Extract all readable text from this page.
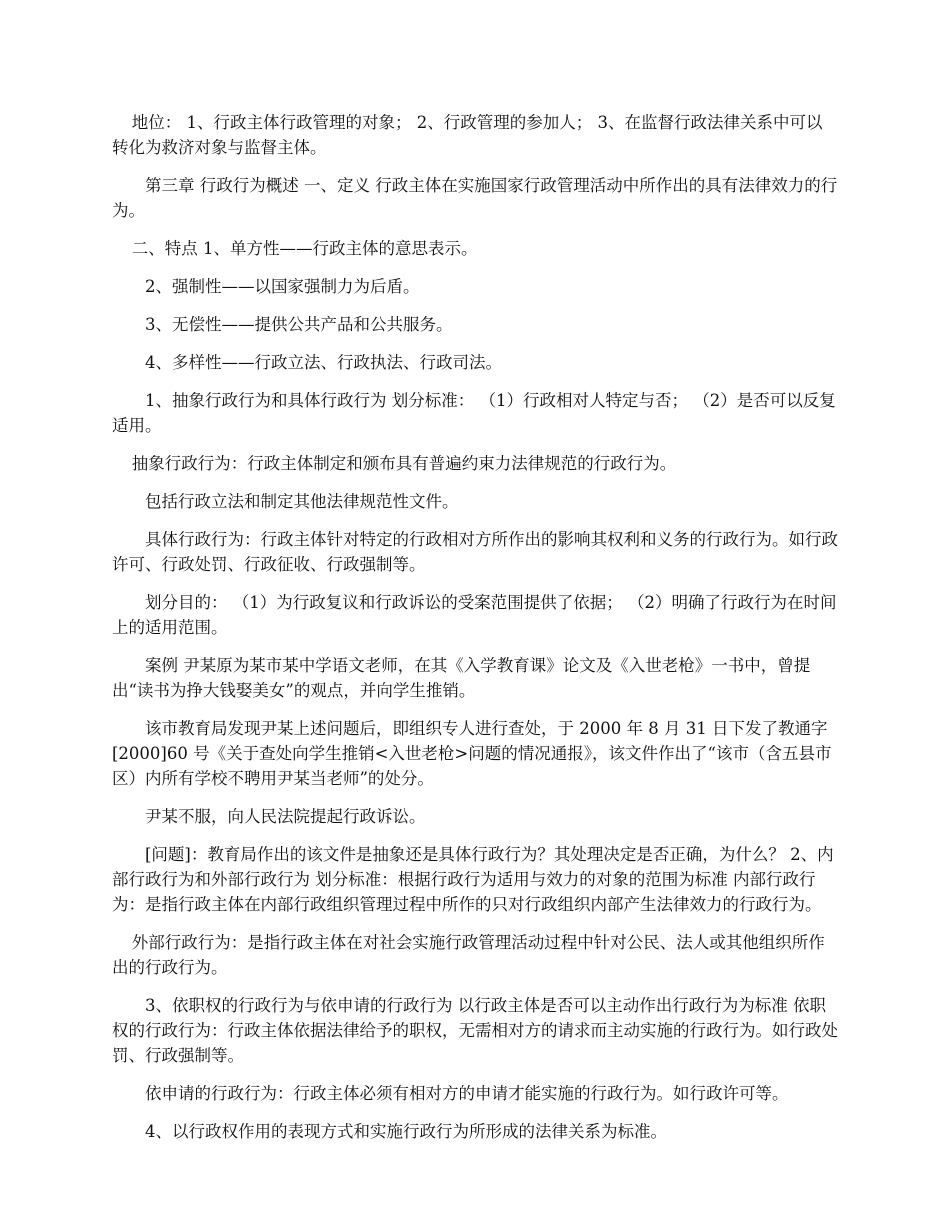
地位： 1、行政主体行政管理的对象； 2、行政管理的参加人； 3、在监督行政法律关系中可以转化为救济对象与监督主体。

第三章 行政行为概述 一、定义 行政主体在实施国家行政管理活动中所作出的具有法律效力的行为。

二、特点 1、单方性——行政主体的意思表示。

2、强制性——以国家强制力为后盾。

3、无偿性——提供公共产品和公共服务。

4、多样性——行政立法、行政执法、行政司法。

1、抽象行政行为和具体行政行为 划分标准： （1）行政相对人特定与否； （2）是否可以反复适用。

抽象行政行为：行政主体制定和颁布具有普遍约束力法律规范的行政行为。

包括行政立法和制定其他法律规范性文件。

具体行政行为：行政主体针对特定的行政相对方所作出的影响其权利和义务的行政行为。如行政许可、行政处罚、行政征收、行政强制等。

划分目的： （1）为行政复议和行政诉讼的受案范围提供了依据； （2）明确了行政行为在时间上的适用范围。

案例 尹某原为某市某中学语文老师，在其《入学教育课》论文及《入世老枪》一书中，曾提出“读书为挣大钱娶美女”的观点，并向学生推销。

该市教育局发现尹某上述问题后，即组织专人进行查处，于 2000 年 8 月 31 日下发了教通字[2000]60 号《关于查处向学生推销<入世老枪>问题的情况通报》，该文件作出了“该市（含五县市区）内所有学校不聘用尹某当老师”的处分。

尹某不服，向人民法院提起行政诉讼。

[问题]：教育局作出的该文件是抽象还是具体行政行为？其处理决定是否正确，为什么？ 2、内部行政行为和外部行政行为 划分标准：根据行政行为适用与效力的对象的范围为标准 内部行政行为：是指行政主体在内部行政组织管理过程中所作的只对行政组织内部产生法律效力的行政行为。

外部行政行为：是指行政主体在对社会实施行政管理活动过程中针对公民、法人或其他组织所作出的行政行为。

3、依职权的行政行为与依申请的行政行为 以行政主体是否可以主动作出行政行为为标准 依职权的行政行为：行政主体依据法律给予的职权，无需相对方的请求而主动实施的行政行为。如行政处罚、行政强制等。

依申请的行政行为：行政主体必须有相对方的申请才能实施的行政行为。如行政许可等。

4、以行政权作用的表现方式和实施行政行为所形成的法律关系为标准。
